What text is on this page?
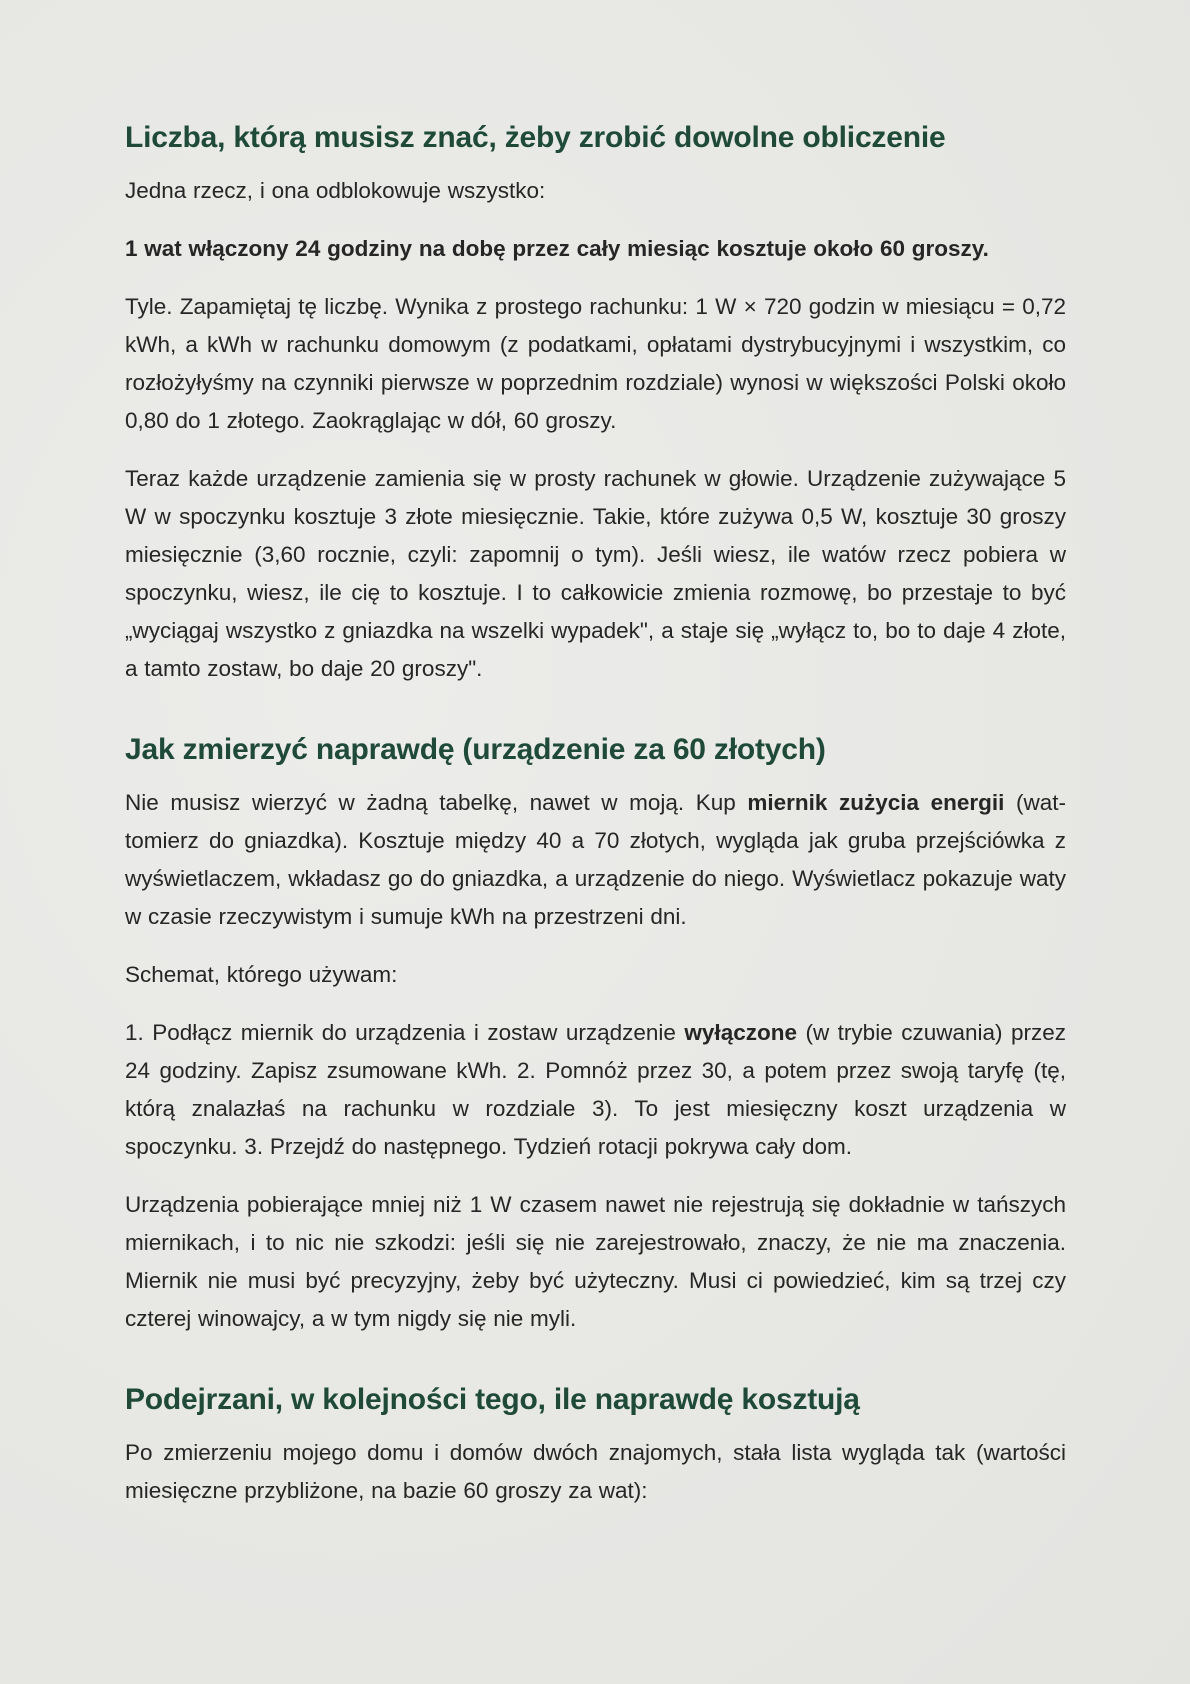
Liczba, którą musisz znać, żeby zrobić dowolne obliczenie

Jedna rzecz, i ona odblokowuje wszystko:

1 wat włączony 24 godziny na dobę przez cały miesiąc kosztuje około 60 groszy.

Tyle. Zapamiętaj tę liczbę. Wynika z prostego rachunku: 1 W × 720 godzin w miesiącu = 0,72 kWh, a kWh w rachunku domowym (z podatkami, opłatami dystrybucyjnymi i wszystkim, co rozłożyłyśmy na czynniki pierwsze w poprzednim rozdziale) wynosi w większości Polski około 0,80 do 1 złotego. Zaokrąglając w dół, 60 groszy.

Teraz każde urządzenie zamienia się w prosty rachunek w głowie. Urządzenie zużywające 5 W w spoczynku kosztuje 3 złote miesięcznie. Takie, które zużywa 0,5 W, kosztuje 30 groszy miesięcznie (3,60 rocznie, czyli: zapomnij o tym). Jeśli wiesz, ile watów rzecz pobiera w spoczynku, wiesz, ile cię to kosztuje. I to całkowicie zmienia rozmowę, bo przestaje to być „wyciągaj wszystko z gniazdka na wszelki wypadek", a staje się „wyłącz to, bo to daje 4 złote, a tamto zostaw, bo daje 20 groszy".

Jak zmierzyć naprawdę (urządzenie za 60 złotych)

Nie musisz wierzyć w żadną tabelkę, nawet w moją. Kup miernik zużycia energii (wattomierz do gniazdka). Kosztuje między 40 a 70 złotych, wygląda jak gruba przejściówka z wyświetlaczem, wkładasz go do gniazdka, a urządzenie do niego. Wyświetlacz pokazuje waty w czasie rzeczywistym i sumuje kWh na przestrzeni dni.

Schemat, którego używam:

1. Podłącz miernik do urządzenia i zostaw urządzenie wyłączone (w trybie czuwania) przez 24 godziny. Zapisz zsumowane kWh. 2. Pomnóż przez 30, a potem przez swoją taryfę (tę, którą znalazłaś na rachunku w rozdziale 3). To jest miesięczny koszt urządzenia w spoczynku. 3. Przejdź do następnego. Tydzień rotacji pokrywa cały dom.

Urządzenia pobierające mniej niż 1 W czasem nawet nie rejestrują się dokładnie w tańszych miernikach, i to nic nie szkodzi: jeśli się nie zarejestrowało, znaczy, że nie ma znaczenia. Miernik nie musi być precyzyjny, żeby być użyteczny. Musi ci powiedzieć, kim są trzej czy czterej winowajcy, a w tym nigdy się nie myli.

Podejrzani, w kolejności tego, ile naprawdę kosztują

Po zmierzeniu mojego domu i domów dwóch znajomych, stała lista wygląda tak (wartości miesięczne przybliżone, na bazie 60 groszy za wat):
